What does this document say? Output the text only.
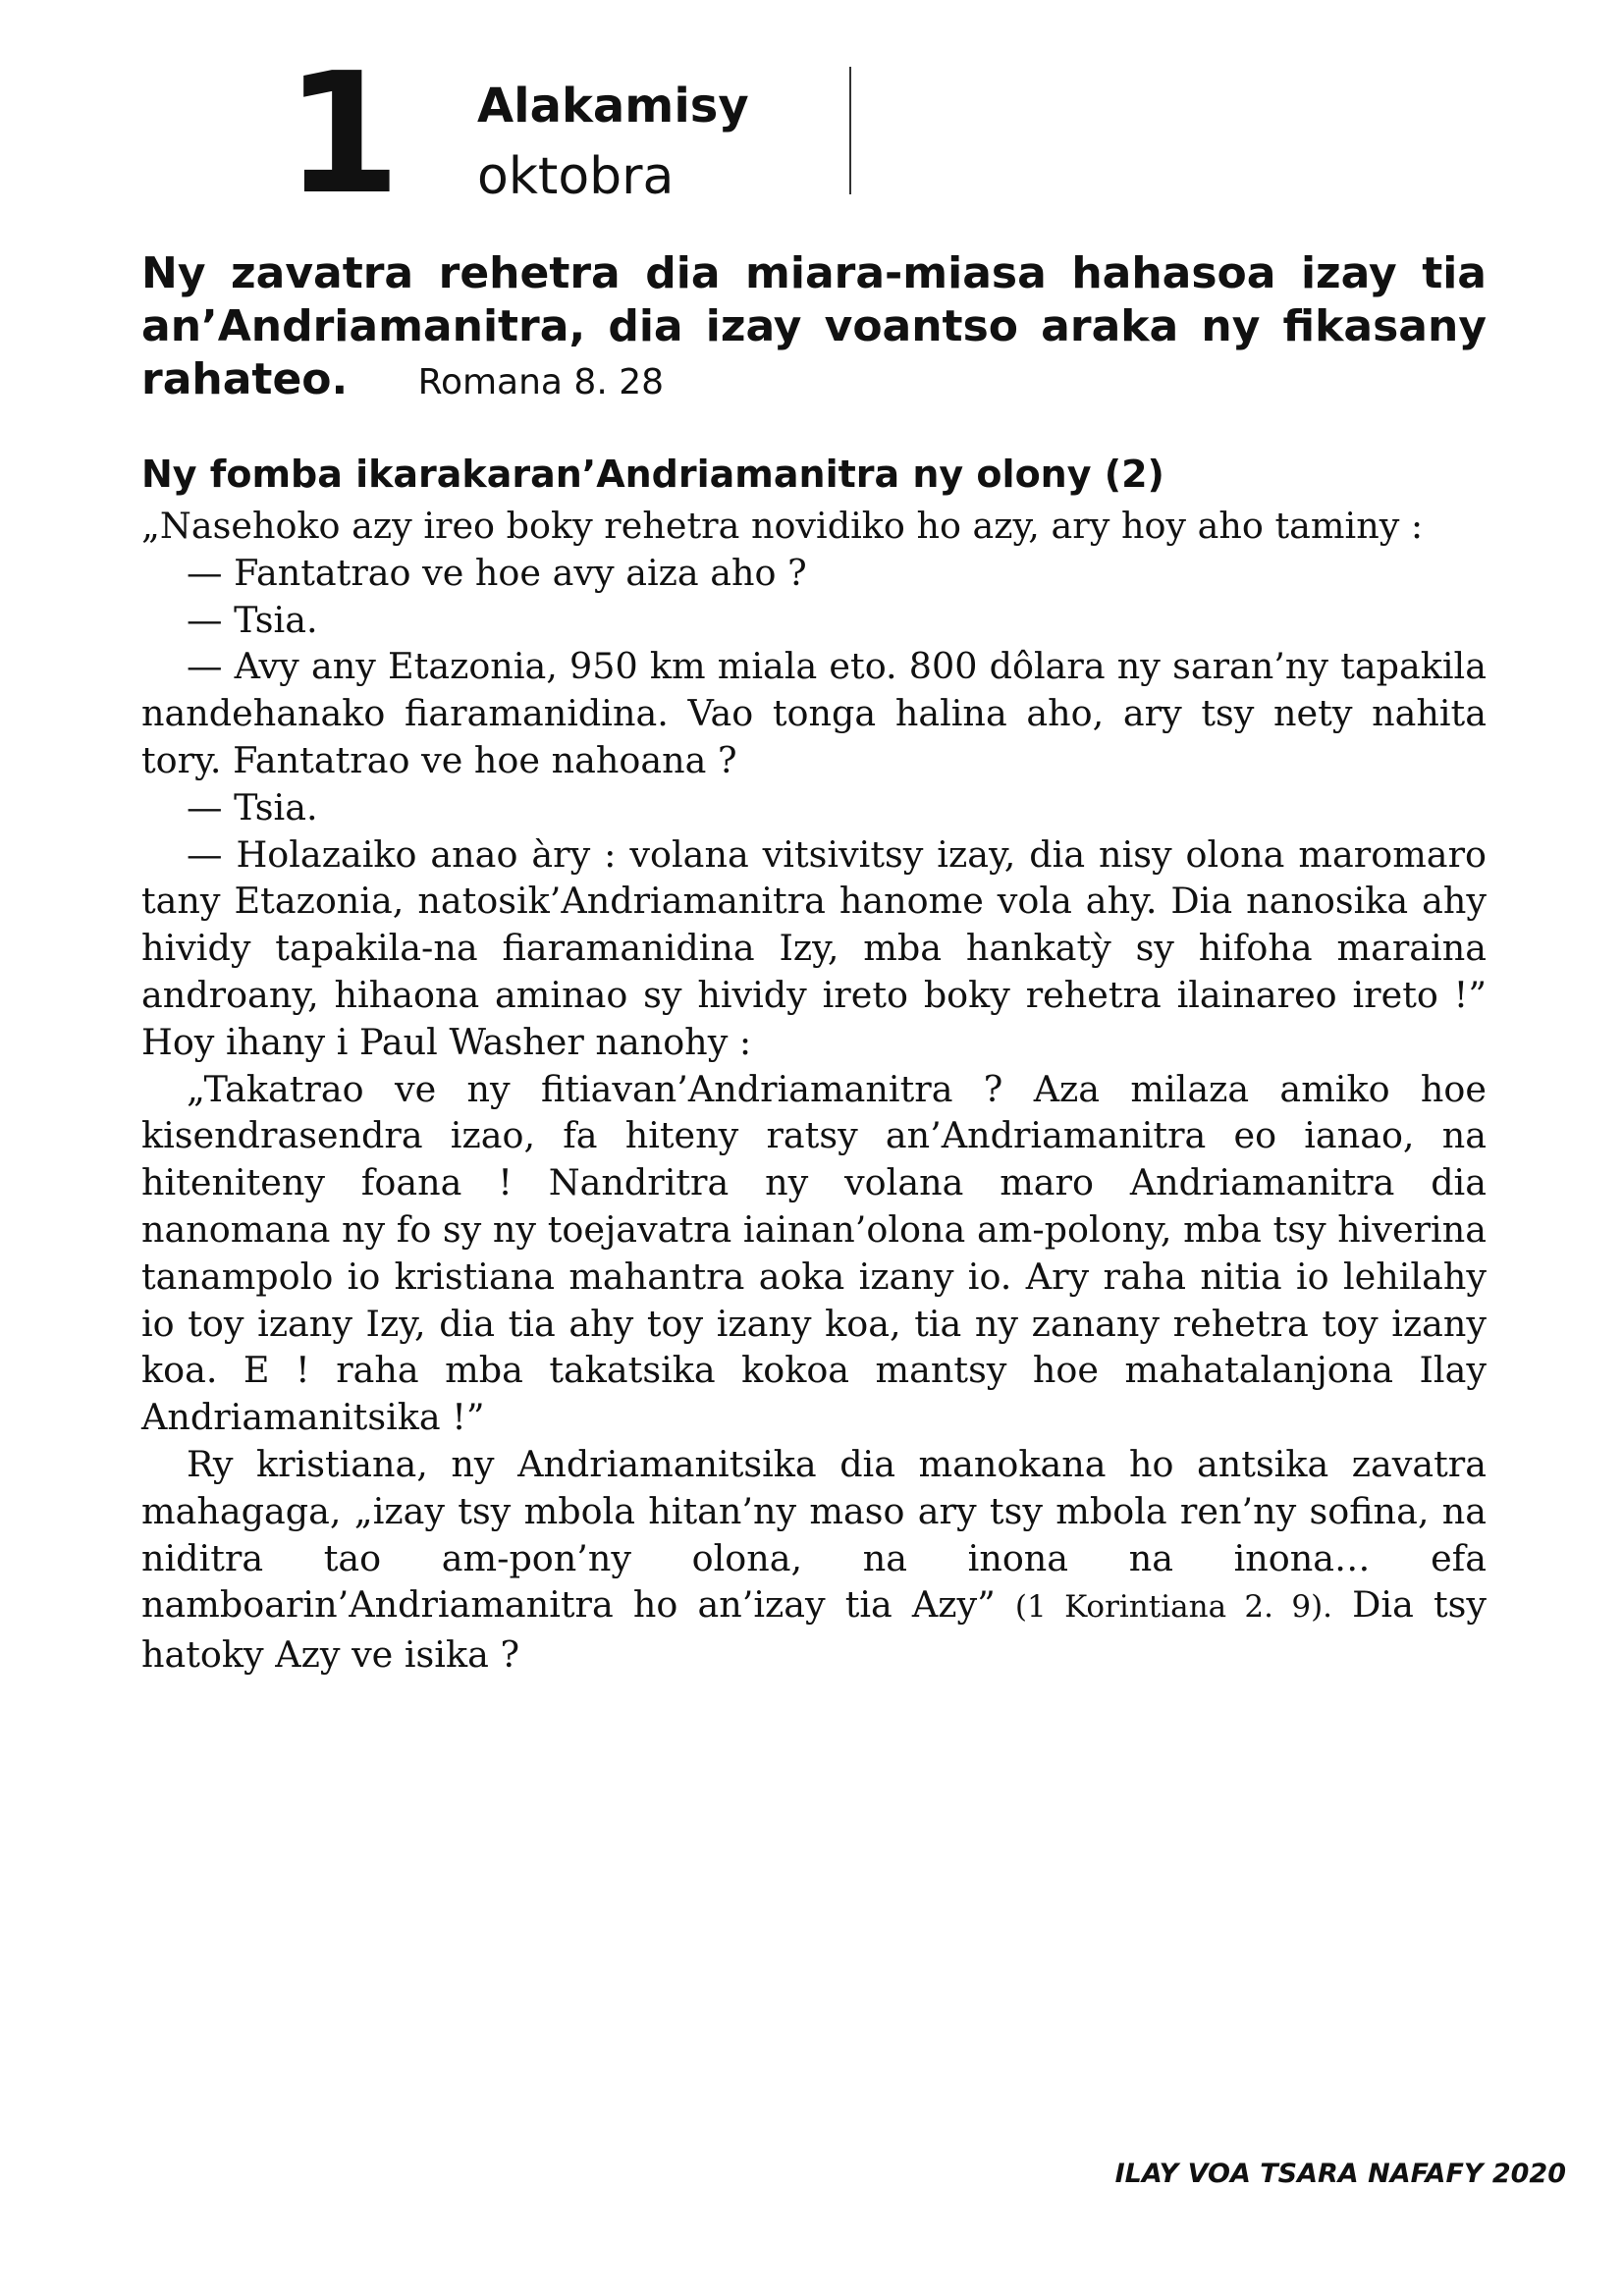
1 Alakamisy
oktobra
Ny zavatra rehetra dia miara-miasa hahasoa izay tia an’Andriamanitra, dia izay voantso araka ny fikasany rahateo. Romana 8. 28
Ny fomba ikarakaran’Andriamanitra ny olony (2)

„Nasehoko azy ireo boky rehetra novidiko ho azy, ary hoy aho taminy :

— Fantatrao ve hoe avy aiza aho ?

— Tsia.

— Avy any Etazonia, 950 km miala eto. 800 dôlara ny saran’ny tapakila nandehanako fiaramanidina. Vao tonga halina aho, ary tsy nety nahita tory. Fantatrao ve hoe nahoana ?

— Tsia.

— Holazaiko anao àry : volana vitsivitsy izay, dia nisy olona maromaro tany Etazonia, natosik’Andriamanitra hanome vola ahy. Dia nanosika ahy hividy tapakila-na fiaramanidina Izy, mba hankatỳ sy hifoha maraina androany, hihaona aminao sy hividy ireto boky rehetra ilainareo ireto !” Hoy ihany i Paul Washer nanohy :

„Takatrao ve ny fitiavan’Andriamanitra ? Aza milaza amiko hoe kisendrasendra izao, fa hiteny ratsy an’Andriamanitra eo ianao, na hiteniteny foana ! Nandritra ny volana maro Andriamanitra dia nanomana ny fo sy ny toejavatra iainan’olona am-polony, mba tsy hiverina tanampolo io kristiana mahantra aoka izany io. Ary raha nitia io lehilahy io toy izany Izy, dia tia ahy toy izany koa, tia ny zanany rehetra toy izany koa. E ! raha mba takatsika kokoa mantsy hoe mahatalanjona Ilay Andriamanitsika !”

Ry kristiana, ny Andriamanitsika dia manokana ho antsika zavatra mahagaga, „izay tsy mbola hitan’ny maso ary tsy mbola ren’ny sofina, na niditra tao am-pon’ny olona, na inona na inona… efa namboarin’Andriamanitra ho an’izay tia Azy” (1 Korintiana 2. 9). Dia tsy hatoky Azy ve isika ?

ILAY VOA TSARA NAFAFY 2020
